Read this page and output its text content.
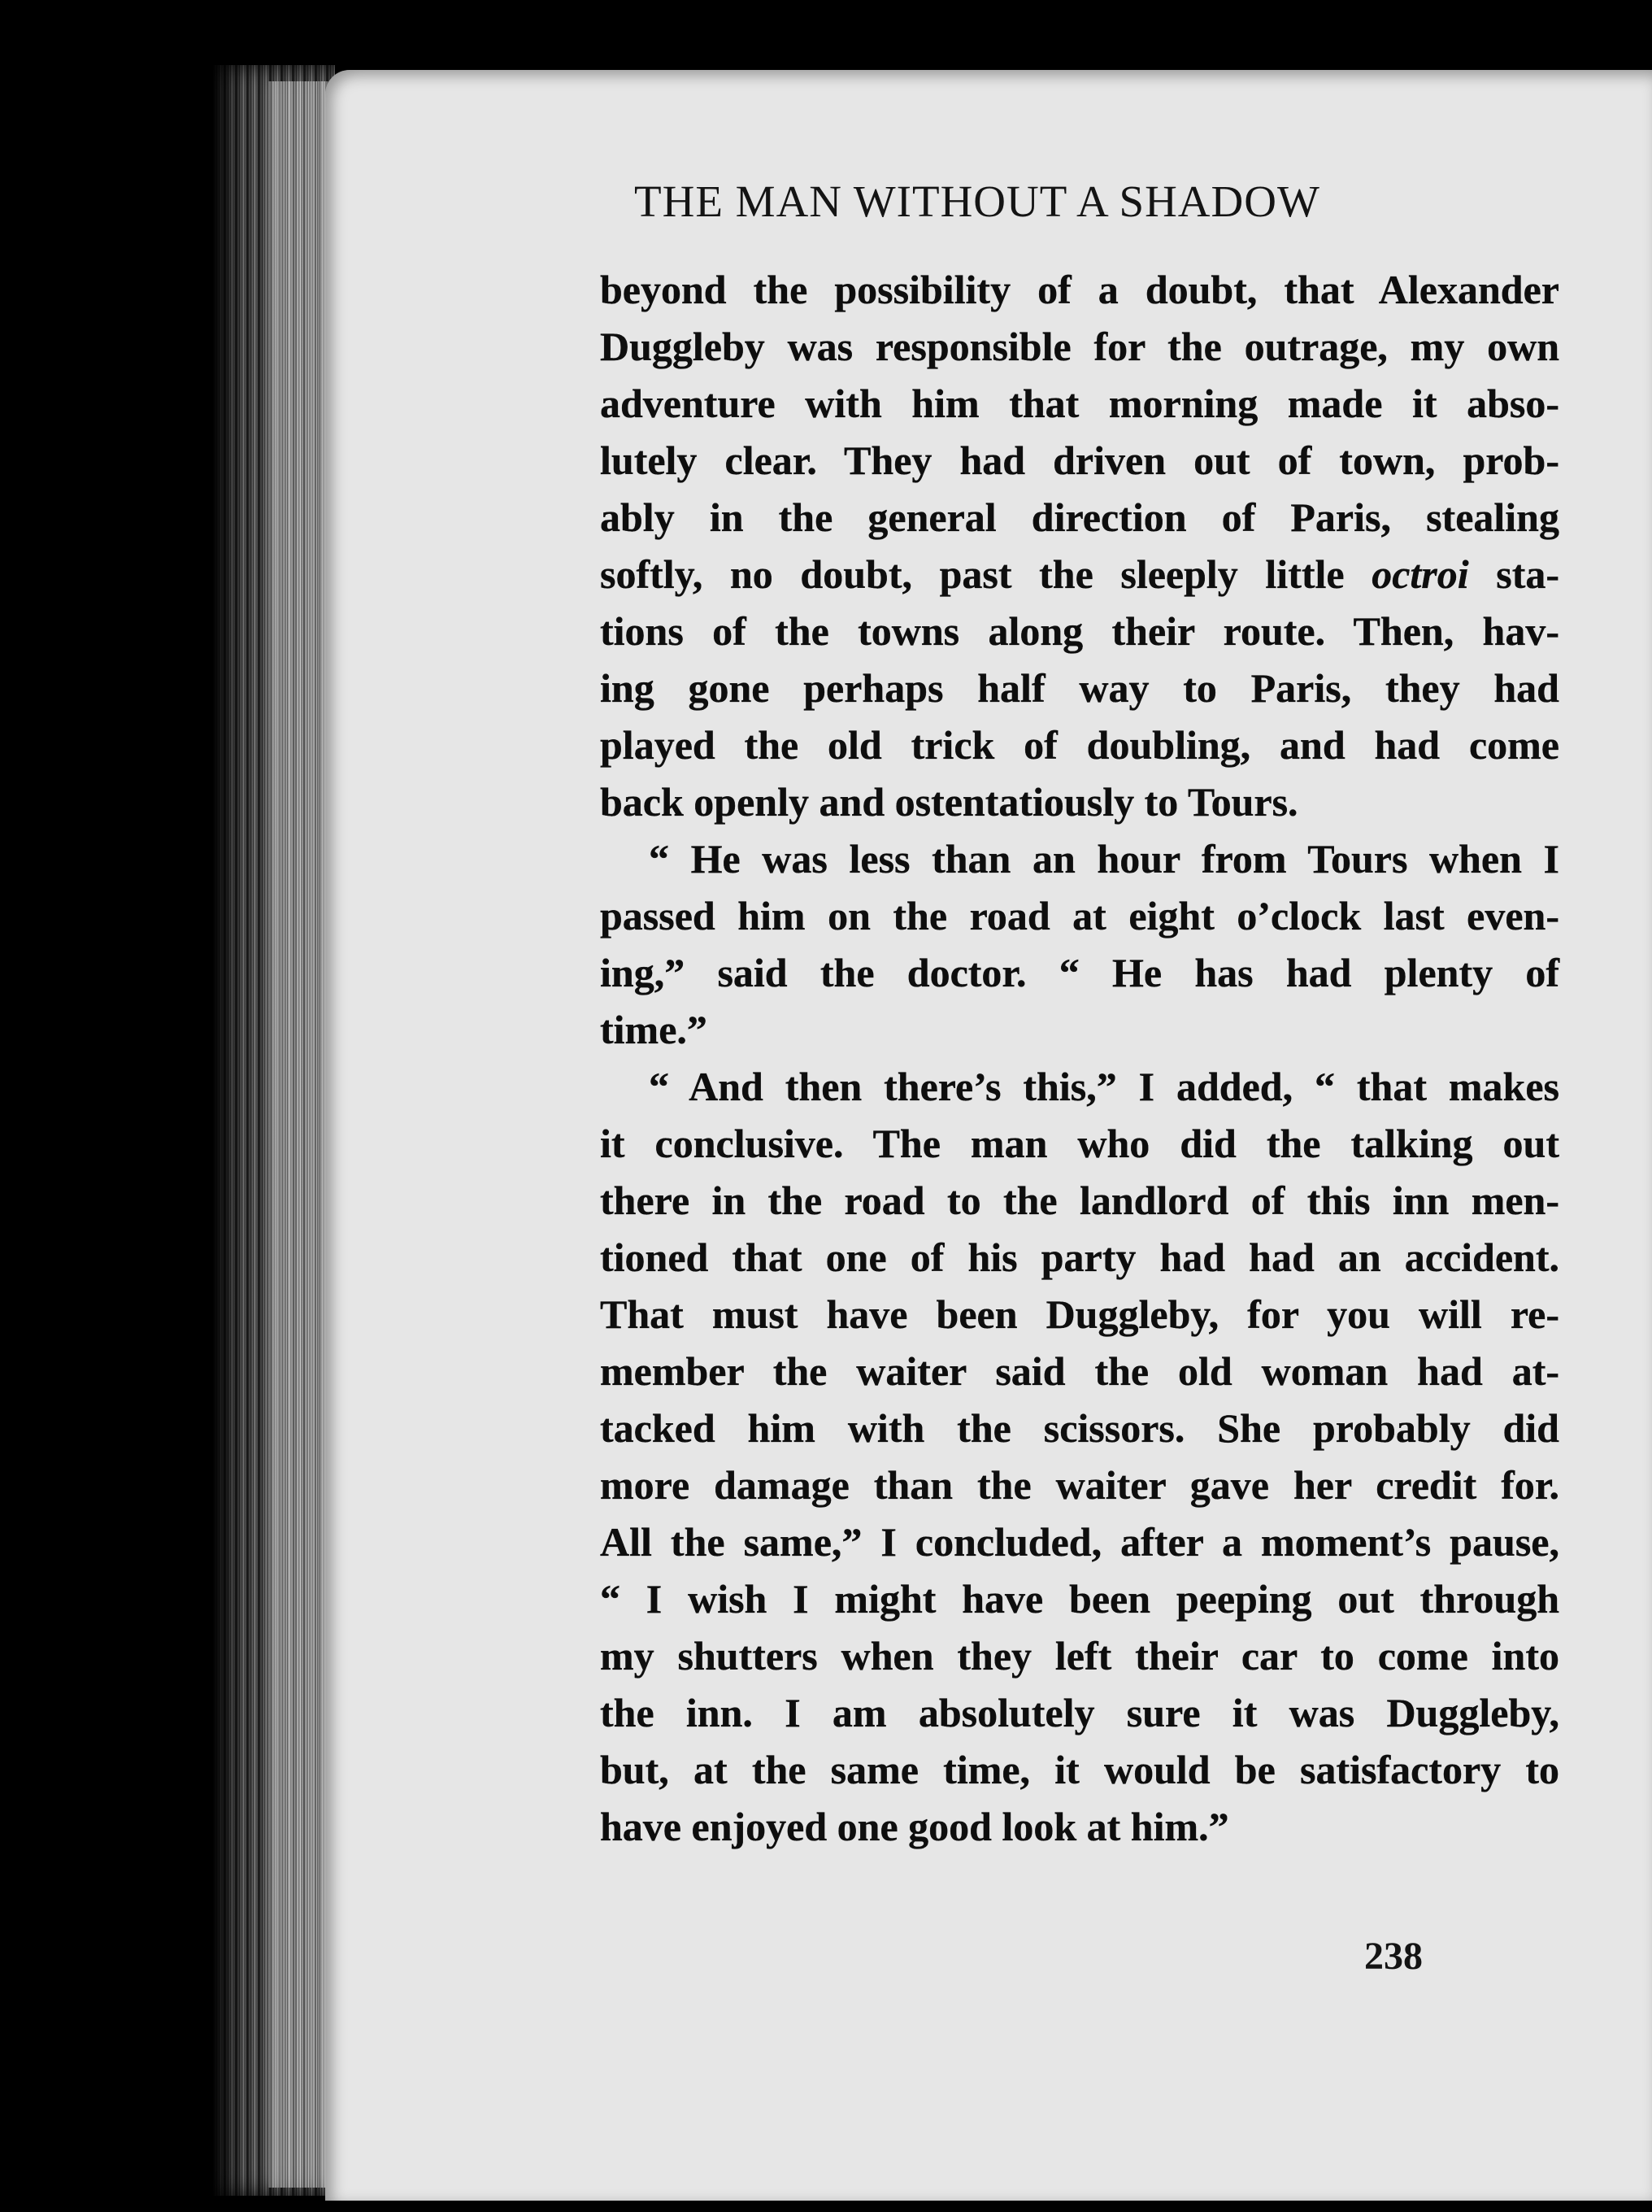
THE MAN WITHOUT A SHADOW
beyond the possibility of a doubt, that Alexander
Duggleby was responsible for the outrage, my own
adventure with him that morning made it abso-
lutely clear. They had driven out of town, prob-
ably in the general direction of Paris, stealing
softly, no doubt, past the sleeply little octroi sta-
tions of the towns along their route. Then, hav-
ing gone perhaps half way to Paris, they had
played the old trick of doubling, and had come
back openly and ostentatiously to Tours.
“ He was less than an hour from Tours when I
passed him on the road at eight o’clock last even-
ing,” said the doctor. “ He has had plenty of
time.”
“ And then there’s this,” I added, “ that makes
it conclusive. The man who did the talking out
there in the road to the landlord of this inn men-
tioned that one of his party had had an accident.
That must have been Duggleby, for you will re-
member the waiter said the old woman had at-
tacked him with the scissors. She probably did
more damage than the waiter gave her credit for.
All the same,” I concluded, after a moment’s pause,
“ I wish I might have been peeping out through
my shutters when they left their car to come into
the inn. I am absolutely sure it was Duggleby,
but, at the same time, it would be satisfactory to
have enjoyed one good look at him.”
238
